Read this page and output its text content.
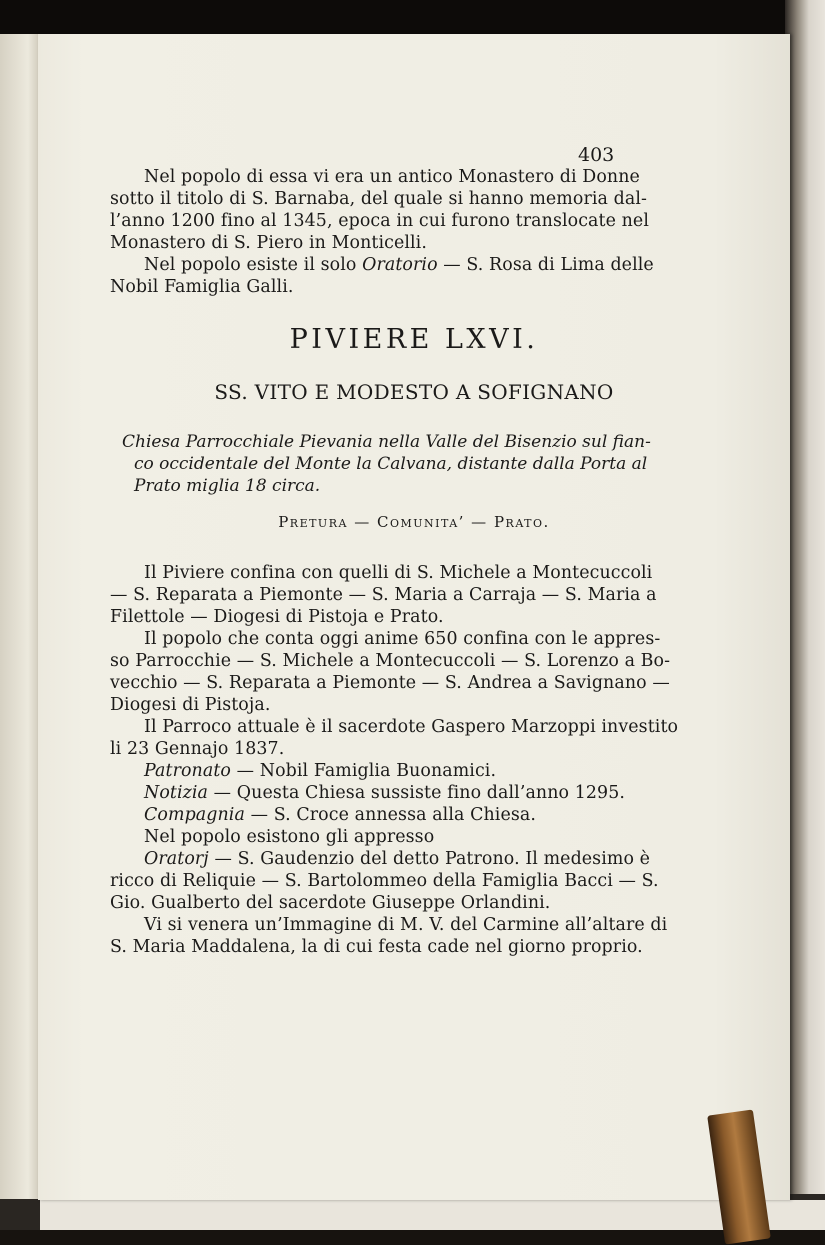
403
Nel popolo di essa vi era un antico Monastero di Donne
sotto il titolo di S. Barnaba, del quale si hanno memoria dal-
l’anno 1200 fino al 1345, epoca in cui furono translocate nel
Monastero di S. Piero in Monticelli.
Nel popolo esiste il solo Oratorio — S. Rosa di Lima delle
Nobil Famiglia Galli.
PIVIERE LXVI.
SS. VITO E MODESTO A SOFIGNANO
Chiesa Parrocchiale Pievania nella Valle del Bisenzio sul fian-
co occidentale del Monte la Calvana, distante dalla Porta al
Prato miglia 18 circa.
Pretura — Comunita’ — Prato.
Il Piviere confina con quelli di S. Michele a Montecuccoli
— S. Reparata a Piemonte — S. Maria a Carraja — S. Maria a
Filettole — Diogesi di Pistoja e Prato.
Il popolo che conta oggi anime 650 confina con le appres-
so Parrocchie — S. Michele a Montecuccoli — S. Lorenzo a Bo-
vecchio — S. Reparata a Piemonte — S. Andrea a Savignano —
Diogesi di Pistoja.
Il Parroco attuale è il sacerdote Gaspero Marzoppi investito
li 23 Gennajo 1837.
Patronato — Nobil Famiglia Buonamici.
Notizia — Questa Chiesa sussiste fino dall’anno 1295.
Compagnia — S. Croce annessa alla Chiesa.
Nel popolo esistono gli appresso
Oratorj — S. Gaudenzio del detto Patrono. Il medesimo è
ricco di Reliquie — S. Bartolommeo della Famiglia Bacci — S.
Gio. Gualberto del sacerdote Giuseppe Orlandini.
Vi si venera un’Immagine di M. V. del Carmine all’altare di
S. Maria Maddalena, la di cui festa cade nel giorno proprio.
